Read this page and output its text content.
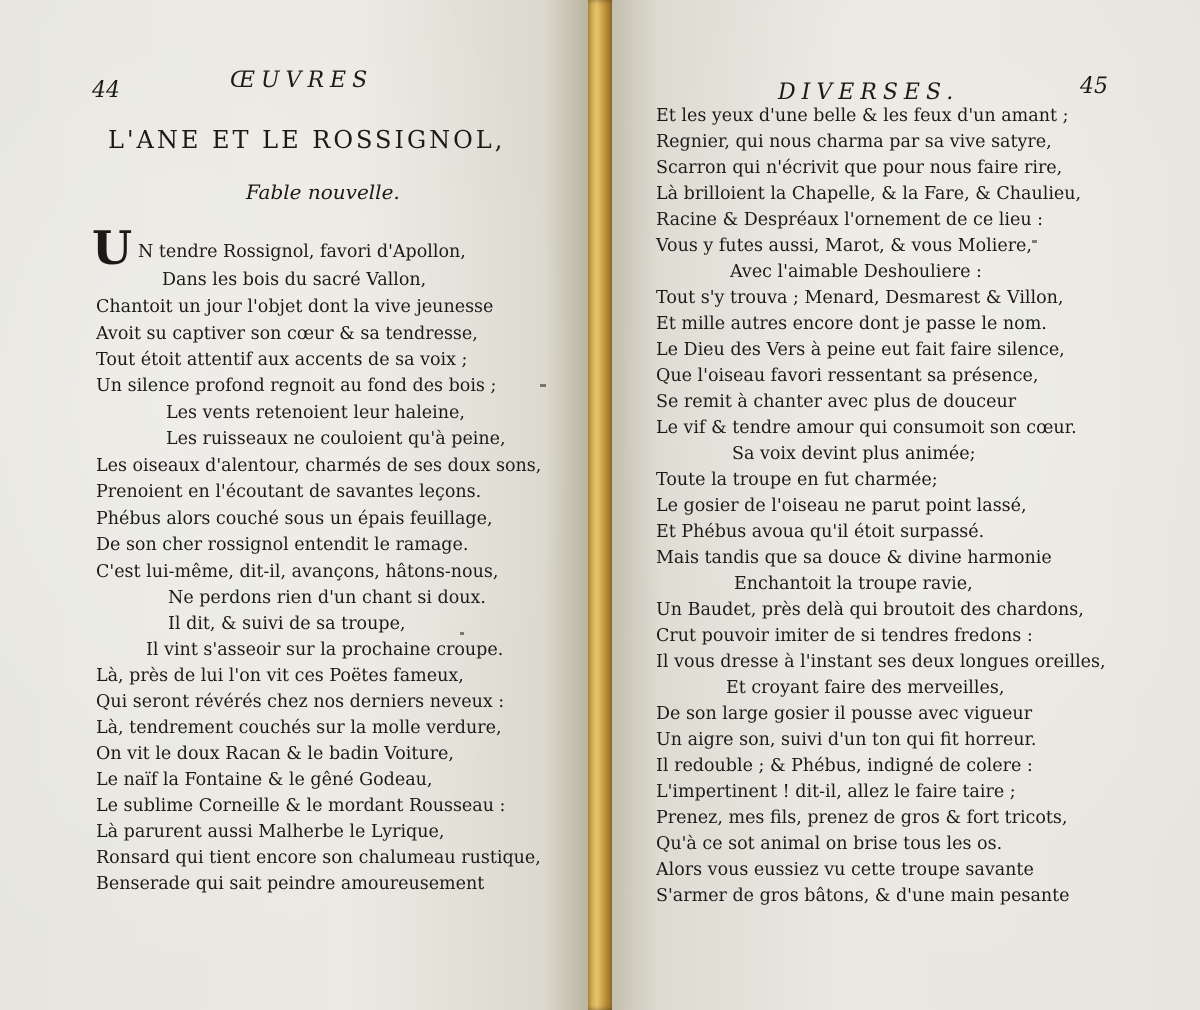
44	ŒUVRES
L'ANE ET LE ROSSIGNOL,
Fable nouvelle.
U N tendre Rossignol, favori d'Apollon,
Dans les bois du sacré Vallon,
Chantoit un jour l'objet dont la vive jeunesse
Avoit su captiver son cœur & sa tendresse,
Tout étoit attentif aux accents de sa voix ;
Un silence profond regnoit au fond des bois ;
Les vents retenoient leur haleine,
Les ruisseaux ne couloient qu'à peine,
Les oiseaux d'alentour, charmés de ses doux sons,
Prenoient en l'écoutant de savantes leçons.
Phébus alors couché sous un épais feuillage,
De son cher rossignol entendit le ramage.
C'est lui-même, dit-il, avançons, hâtons-nous,
Ne perdons rien d'un chant si doux.
Il dit, & suivi de sa troupe,
Il vint s'asseoir sur la prochaine croupe.
Là, près de lui l'on vit ces Poëtes fameux,
Qui seront révérés chez nos derniers neveux :
Là, tendrement couchés sur la molle verdure,
On vit le doux Racan & le badin Voiture,
Le naïf la Fontaine & le gêné Godeau,
Le sublime Corneille & le mordant Rousseau :
Là parurent aussi Malherbe le Lyrique,
Ronsard qui tient encore son chalumeau rustique,
Benserade qui sait peindre amoureusement
DIVERSES.	45
Et les yeux d'une belle & les feux d'un amant ;
Regnier, qui nous charma par sa vive satyre,
Scarron qui n'écrivit que pour nous faire rire,
Là brilloient la Chapelle, & la Fare, & Chaulieu,
Racine & Despréaux l'ornement de ce lieu :
Vous y futes aussi, Marot, & vous Moliere,
Avec l'aimable Deshouliere :
Tout s'y trouva ; Menard, Desmarest & Villon,
Et mille autres encore dont je passe le nom.
Le Dieu des Vers à peine eut fait faire silence,
Que l'oiseau favori ressentant sa présence,
Se remit à chanter avec plus de douceur
Le vif & tendre amour qui consumoit son cœur.
Sa voix devint plus animée;
Toute la troupe en fut charmée;
Le gosier de l'oiseau ne parut point lassé,
Et Phébus avoua qu'il étoit surpassé.
Mais tandis que sa douce & divine harmonie
Enchantoit la troupe ravie,
Un Baudet, près delà qui broutoit des chardons,
Crut pouvoir imiter de si tendres fredons :
Il vous dresse à l'instant ses deux longues oreilles,
Et croyant faire des merveilles,
De son large gosier il pousse avec vigueur
Un aigre son, suivi d'un ton qui fit horreur.
Il redouble ; & Phébus, indigné de colere :
L'impertinent ! dit-il, allez le faire taire ;
Prenez, mes fils, prenez de gros & fort tricots,
Qu'à ce sot animal on brise tous les os.
Alors vous eussiez vu cette troupe savante
S'armer de gros bâtons, & d'une main pesante
